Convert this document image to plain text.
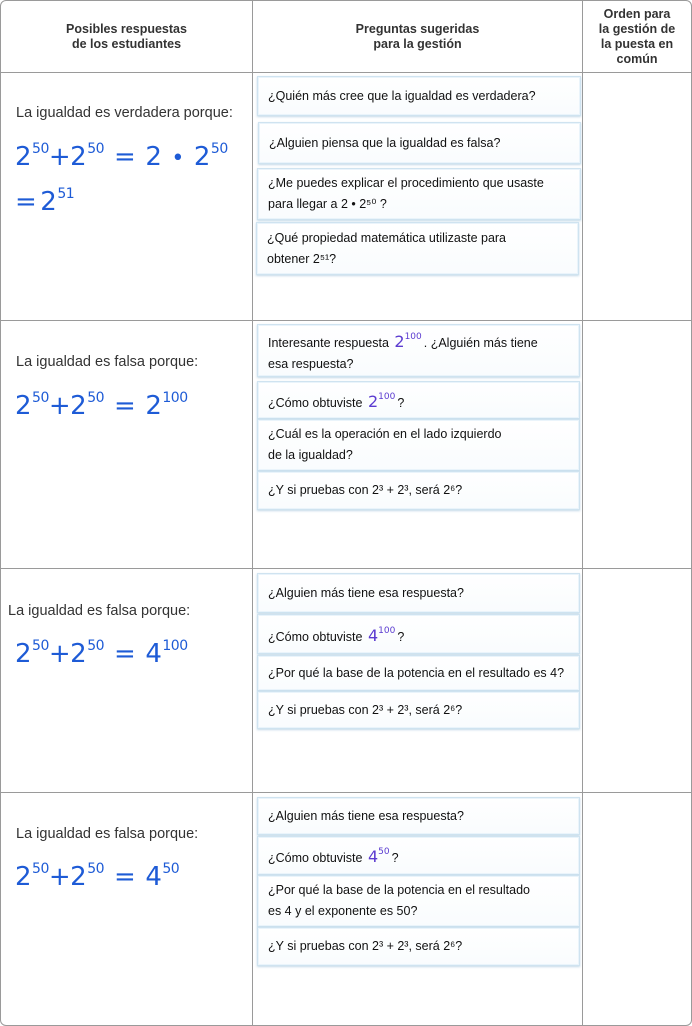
Posibles respuestas
de los estudiantes
Preguntas sugeridas
para la gestión
Orden para
la gestión de
la puesta en
común
La igualdad es verdadera porque:
$2^{50}+2^{50} = 2$ • $2^{50}$
= $2^{51}$
¿Quién más cree que la igualdad es verdadera?
¿Alguien piensa que la igualdad es falsa?
¿Me puedes explicar el procedimiento que usaste
para llegar a 2 • 2⁵⁰ ?
¿Qué propiedad matemática utilizaste para
obtener 2⁵¹?
La igualdad es falsa porque:
$2^{50}+2^{50} = 2^{100}$
Interesante respuesta $2^{100}$ . ¿Alguién más tiene
esa respuesta?
¿Cómo obtuviste $2^{100}$ ?
¿Cuál es la operación en el lado izquierdo
de la igualdad?
¿Y si pruebas con 2³ + 2³, será 2⁶?
La igualdad es falsa porque:
$2^{50}+2^{50} = 4^{100}$
¿Alguien más tiene esa respuesta?
¿Cómo obtuviste $4^{100}$ ?
¿Por qué la base de la potencia en el resultado es 4?
¿Y si pruebas con 2³ + 2³, será 2⁶?
La igualdad es falsa porque:
$2^{50}+2^{50} = 4^{50}$
¿Alguien más tiene esa respuesta?
¿Cómo obtuviste $4^{50}$ ?
¿Por qué la base de la potencia en el resultado
es 4 y el exponente es 50?
¿Y si pruebas con 2³ + 2³, será 2⁶?
